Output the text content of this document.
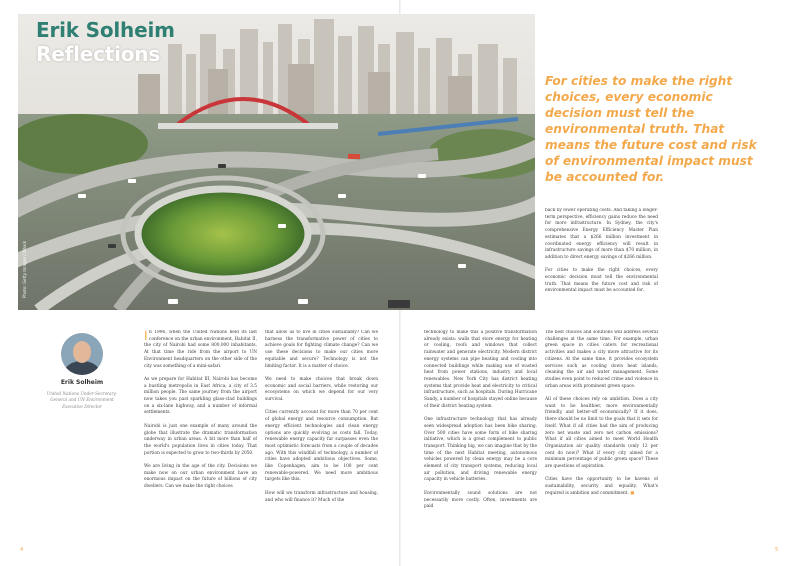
Erik Solheim
Reflections
Photo: Getty Images / iStock
For cities to make the right choices, every economic decision must tell the environmental truth. That means the future cost and risk of environmental impact must be accounted for.
Erik Solheim
United Nations Under-Secretary-General and UN Environment Executive Director

In 1996, when the United Nations held its last conference on the urban environment, Habitat II, the city of Nairobi had some 800,000 inhabitants. At that time the ride from the airport to UN Environment headquarters on the other side of the city was something of a mini-safari.

As we prepare for Habitat III, Nairobi has become a bustling metropolis in East Africa; a city of 3.5 million people. The same journey from the airport now takes you past sparkling glass-clad buildings on a six-lane highway, and a number of informal settlements.

Nairobi is just one example of many around the globe that illustrate the dramatic transformation underway in urban areas. A bit more than half of the world's population lives in cities today. That portion is expected to grow to two-thirds by 2050.

We are living in the age of the city. Decisions we make now on our urban environment have an enormous impact on the future of billions of city dwellers. Can we make the right choices

that allow us to live in cities sustainably? Can we harness the transformative power of cities to achieve goals for fighting climate change? Can we use these decisions to make our cities more equitable and secure? Technology is not the limiting factor. It is a matter of choice.

We need to make choices that break down economic and social barriers, while restoring our ecosystems on which we depend for our very survival.

Cities currently account for more than 70 per cent of global energy and resource consumption. But energy efficient technologies and clean energy options are quickly evolving as costs fall. Today, renewable energy capacity far surpasses even the most optimistic forecasts from a couple of decades ago. With this windfall of technology, a number of cities have adopted ambitious objectives. Some, like Copenhagen, aim to be 100 per cent renewable-powered. We need more ambitious targets like this.

How will we transform infrastructure and housing, and who will finance it? Much of the

technology to make this a positive transformation already exists: walls that store energy for heating or cooling, roofs and windows that collect rainwater and generate electricity. Modern district energy systems can pipe heating and cooling into connected buildings while making use of wasted heat from power stations, industry and local renewables. New York City has district heating systems that provide heat and electricity to critical infrastructure, such as hospitals. During Hurricane Sandy, a number of hospitals stayed online because of their district heating system.

One infrastructure technology that has already seen widespread adoption has been bike sharing. Over 500 cities have some form of bike sharing initiative, which is a great complement to public transport. Thinking big, we can imagine that by the time of the next Habitat meeting, autonomous vehicles powered by clean energy may be a core element of city transport systems, reducing local air pollution, and driving renewable energy capacity in vehicle batteries.

Environmentally sound solutions are not necessarily more costly. Often, investments are paid

back by lower operating costs. And taking a longer-term perspective, efficiency gains reduce the need for more infrastructure. In Sydney, the city's comprehensive Energy Efficiency Master Plan estimates that a $266 million investment in coordinated energy efficiency will result in infrastructure savings of more than $70 million, in addition to direct energy savings of $266 million.

For cities to make the right choices, every economic decision must tell the environmental truth. That means the future cost and risk of environmental impact must be accounted for.

The best choices and solutions will address several challenges at the same time. For example, urban green space in cities caters for recreational activities and makes a city more attractive for its citizens. At the same time, it provides ecosystem services such as cooling down heat islands, cleaning the air and water management. Some studies even point to reduced crime and violence in urban areas with prominent green space.

All of these choices rely on ambition. Does a city want to be healthier, more environmentally friendly, and better-off economically? If it does, there should be no limit to the goals that it sets for itself. What if all cities had the aim of producing zero net waste and zero net carbon emissions? What if all cities aimed to meet World Health Organization air quality standards (only 12 per cent do now)? What if every city aimed for a minimum percentage of public green space? These are questions of aspiration.

Cities have the opportunity to be havens of sustainability, security and equality. What's required is ambition and commitment. ■

4	5
